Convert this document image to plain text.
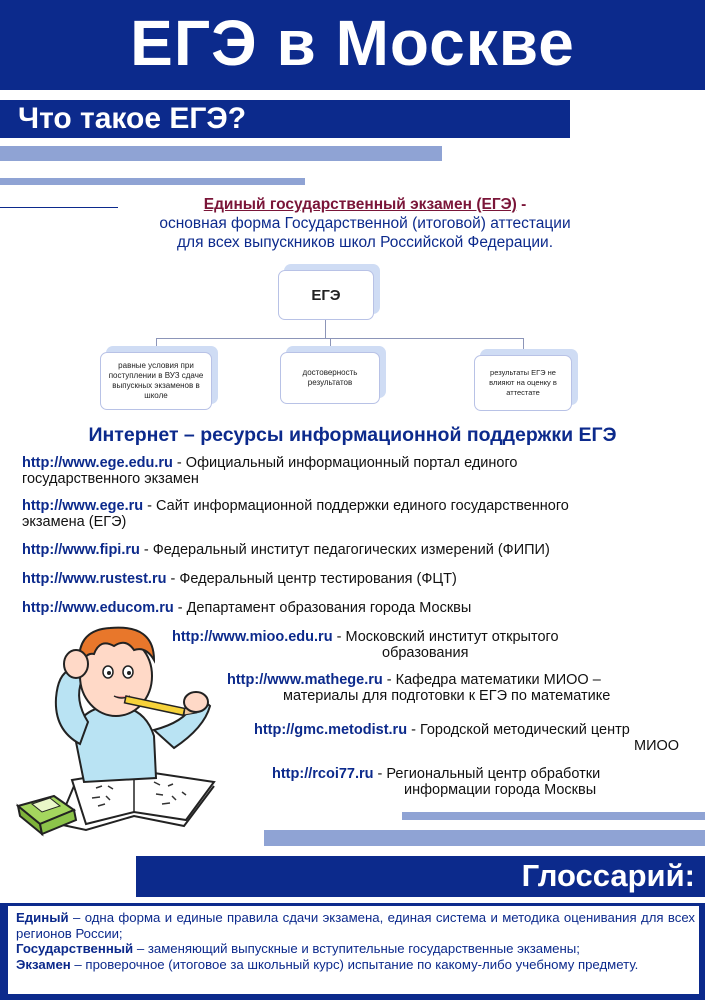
ЕГЭ в Москве
Что такое ЕГЭ?
Единый государственный экзамен (ЕГЭ) -
основная форма Государственной (итоговой) аттестации
для всех выпускников школ Российской Федерации.
ЕГЭ
равные условия при поступлении в ВУЗ сдаче выпускных экзаменов в школе
достоверность результатов
результаты ЕГЭ не влияют на оценку в аттестате
Интернет – ресурсы информационной поддержки ЕГЭ
http://www.ege.edu.ru - Официальный информационный портал единого
государственного экзамен
http://www.ege.ru - Сайт информационной поддержки единого государственного
экзамена (ЕГЭ)
http://www.fipi.ru - Федеральный институт педагогических измерений (ФИПИ)
http://www.rustest.ru - Федеральный центр тестирования (ФЦТ)
http://www.educom.ru - Департамент образования города Москвы
http://www.mioo.edu.ru - Московский институт открытого
образования
http://www.mathege.ru - Кафедра математики МИОО –
материалы для подготовки к ЕГЭ по математике
http://gmc.metodist.ru - Городской методический центр
МИОО
http://rcoi77.ru - Региональный центр обработки
информации города Москвы
Глоссарий:
Единый – одна форма и единые правила сдачи экзамена, единая система и методика оценивания для всех регионов России;
Государственный – заменяющий выпускные и вступительные государственные экзамены;
Экзамен – проверочное (итоговое за школьный курс) испытание по какому-либо учебному предмету.
